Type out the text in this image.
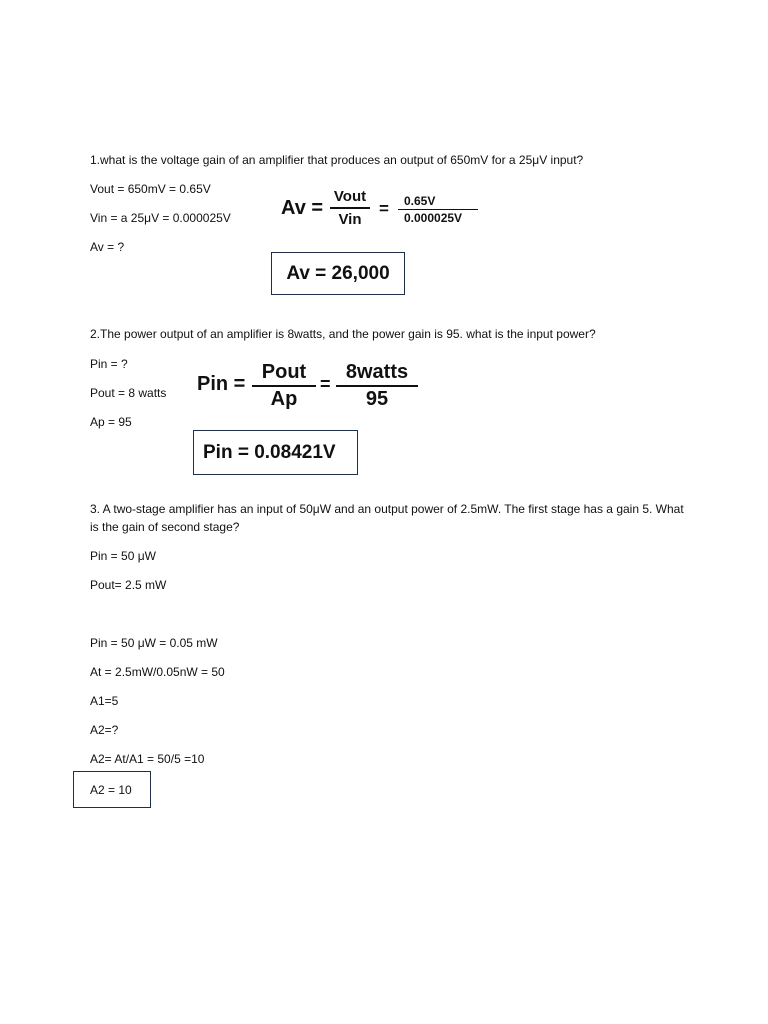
1.what is the voltage gain of an amplifier that produces an output of 650mV for a 25μV input?
Vout = 650mV = 0.65V
Vin = a 25μV = 0.000025V
Av = ?
Av =
Vout
Vin
=	0.65V
0.000025V
Av = 26,000
2.The power output of an amplifier is 8watts, and the power gain is 95. what is the input power?
Pin = ?
Pout = 8 watts
Ap = 95
Pin =
Pout
Ap
=
8watts
95
Pin = 0.08421V
3. A two-stage amplifier has an input of 50μW and an output power of 2.5mW. The first stage has a gain 5. What is the gain of second stage?
Pin = 50 μW
Pout= 2.5 mW
Pin = 50 μW = 0.05 mW
At = 2.5mW/0.05nW = 50
A1=5
A2=?
A2= At/A1 = 50/5 =10
A2 = 10
